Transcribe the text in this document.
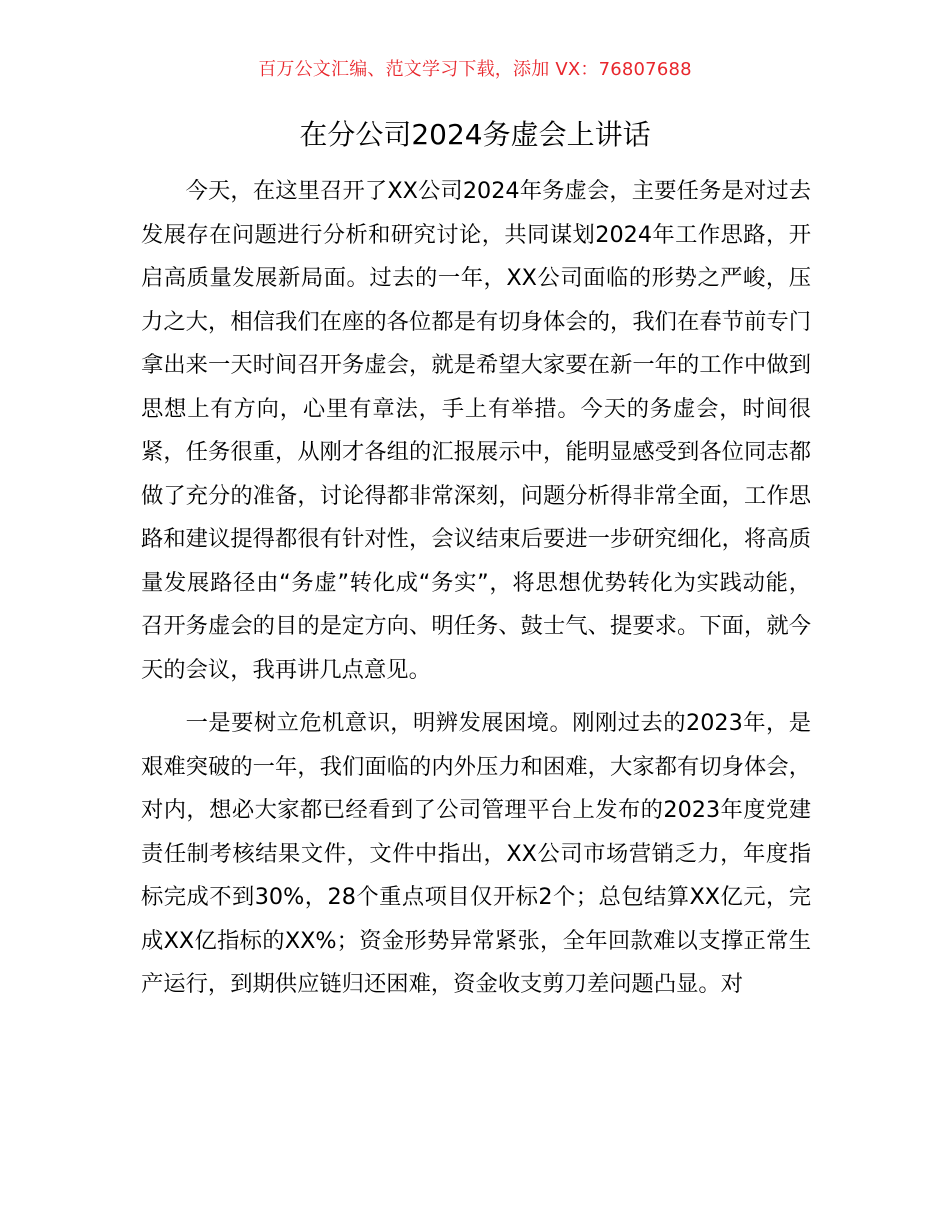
百万公文汇编、范文学习下载，添加 VX：76807688
在分公司2024务虚会上讲话

今天，在这里召开了XX公司2024年务虚会，主要任务是对过去发展存在问题进行分析和研究讨论，共同谋划2024年工作思路，开启高质量发展新局面。过去的一年，XX公司面临的形势之严峻，压力之大，相信我们在座的各位都是有切身体会的，我们在春节前专门拿出来一天时间召开务虚会，就是希望大家要在新一年的工作中做到思想上有方向，心里有章法，手上有举措。今天的务虚会，时间很紧，任务很重，从刚才各组的汇报展示中，能明显感受到各位同志都做了充分的准备，讨论得都非常深刻，问题分析得非常全面，工作思路和建议提得都很有针对性，会议结束后要进一步研究细化，将高质量发展路径由“务虚”转化成“务实”，将思想优势转化为实践动能，召开务虚会的目的是定方向、明任务、鼓士气、提要求。下面，就今天的会议，我再讲几点意见。

一是要树立危机意识，明辨发展困境。刚刚过去的2023年，是艰难突破的一年，我们面临的内外压力和困难，大家都有切身体会，对内，想必大家都已经看到了公司管理平台上发布的2023年度党建责任制考核结果文件，文件中指出，XX公司市场营销乏力，年度指标完成不到30%，28个重点项目仅开标2个；总包结算XX亿元，完成XX亿指标的XX%；资金形势异常紧张，全年回款难以支撑正常生产运行，到期供应链归还困难，资金收支剪刀差问题凸显。对
